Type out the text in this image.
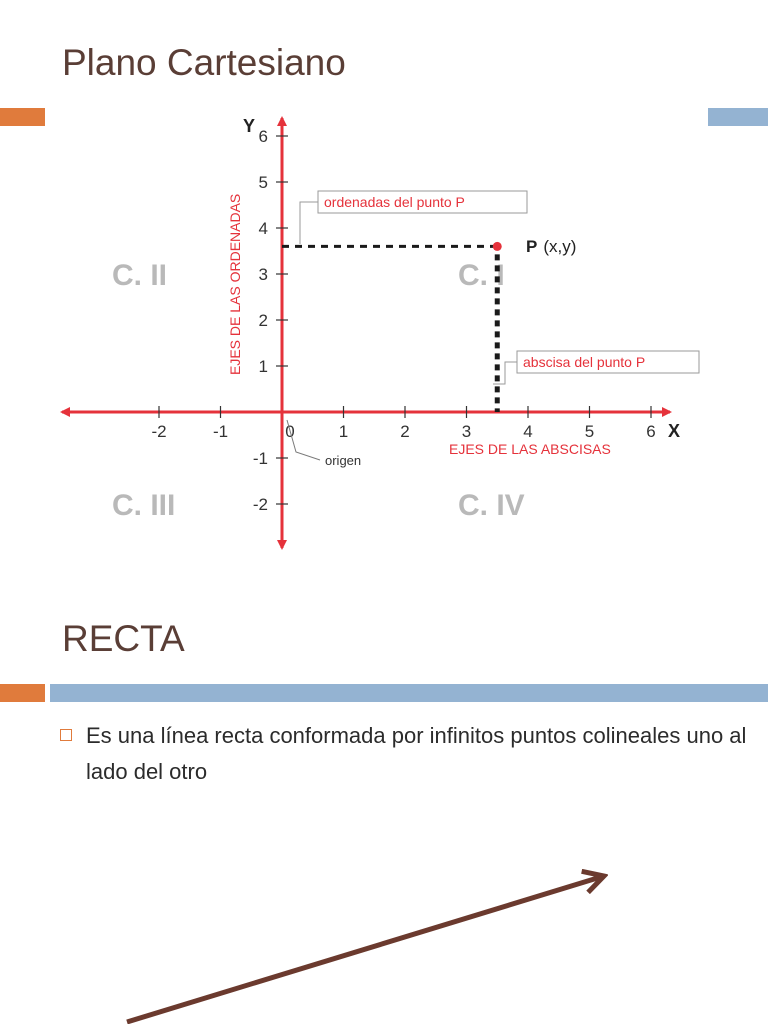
Plano Cartesiano
C. II	C. I
C. III	C. IV
-2	-1	0	1	2	3	4	5	6
1
2
3
4
5
6
-1
-2
Y
X
EJES DE LAS ORDENADAS
EJES DE LAS ABSCISAS
P (x,y)
ordenadas del punto P
abscisa del punto P
origen
RECTA
Es una línea recta conformada por infinitos puntos colineales uno al lado del otro
